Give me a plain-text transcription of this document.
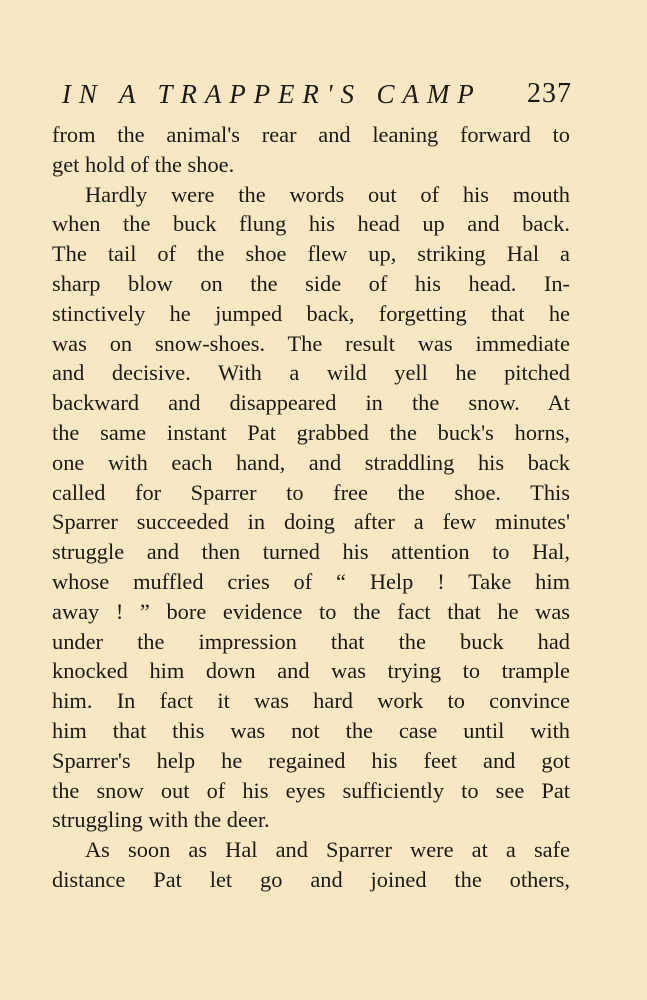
IN A TRAPPER'S CAMP 237
from the animal's rear and leaning forward to
get hold of the shoe.
Hardly were the words out of his mouth
when the buck flung his head up and back.
The tail of the shoe flew up, striking Hal a
sharp blow on the side of his head. In-
stinctively he jumped back, forgetting that he
was on snow-shoes. The result was immediate
and decisive. With a wild yell he pitched
backward and disappeared in the snow. At
the same instant Pat grabbed the buck's horns,
one with each hand, and straddling his back
called for Sparrer to free the shoe. This
Sparrer succeeded in doing after a few minutes'
struggle and then turned his attention to Hal,
whose muffled cries of “ Help ! Take him
away ! ” bore evidence to the fact that he was
under the impression that the buck had
knocked him down and was trying to trample
him. In fact it was hard work to convince
him that this was not the case until with
Sparrer's help he regained his feet and got
the snow out of his eyes sufficiently to see Pat
struggling with the deer.
As soon as Hal and Sparrer were at a safe
distance Pat let go and joined the others,
